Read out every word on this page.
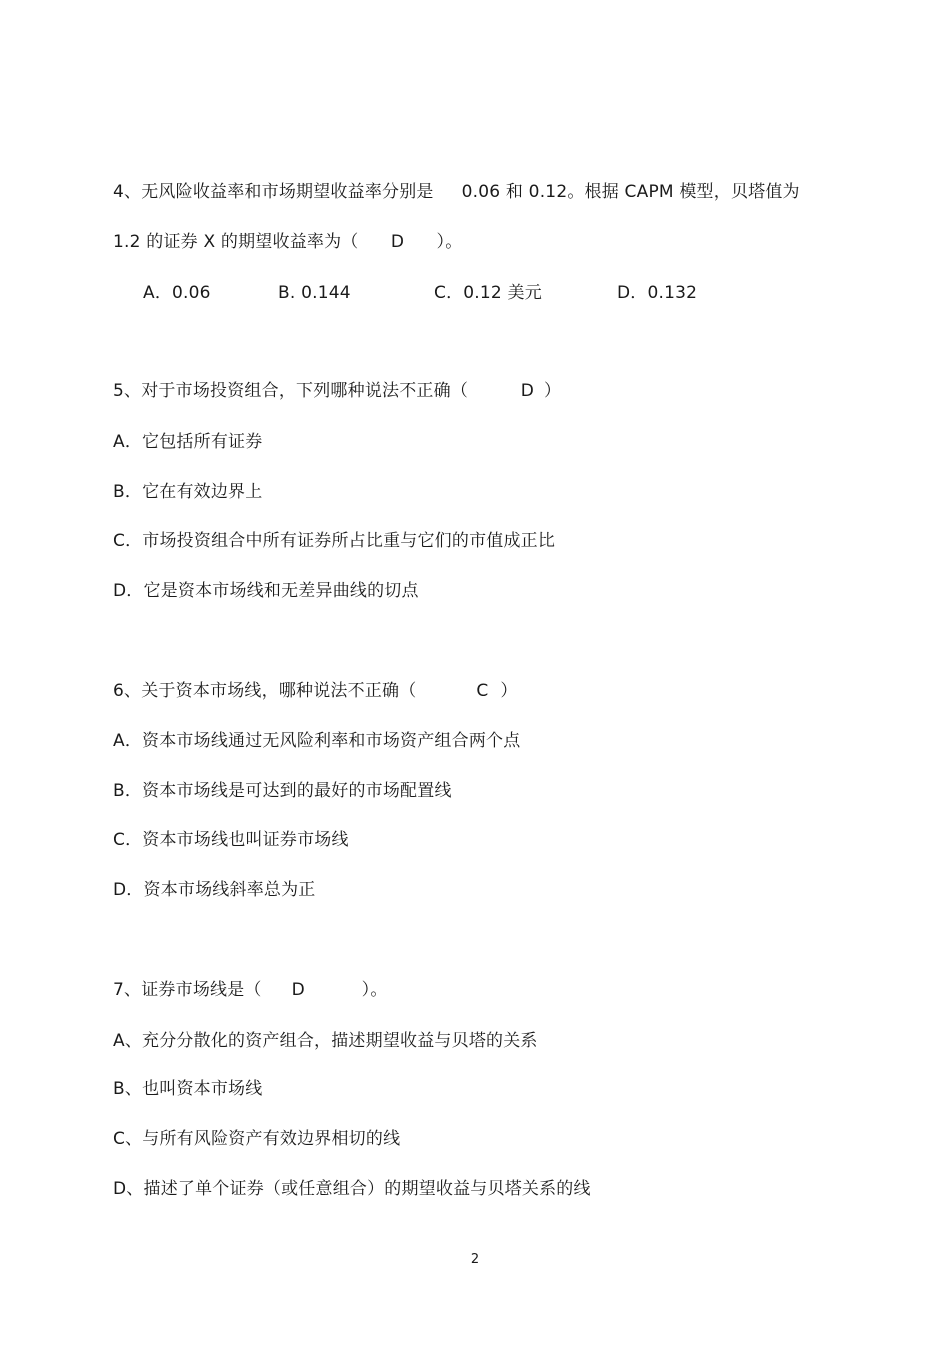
4、无风险收益率和市场期望收益率分别是 0.06 和 0.12。根据 CAPM 模型，贝塔值为
1.2 的证券 X 的期望收益率为（ D ）。
A．0.06	B. 0.144	C．0.12 美元	D．0.132
5、对于市场投资组合，下列哪种说法不正确（	D ）
A．它包括所有证券
B．它在有效边界上
C．市场投资组合中所有证券所占比重与它们的市值成正比
D．它是资本市场线和无差异曲线的切点
6、关于资本市场线，哪种说法不正确（	C ）
A．资本市场线通过无风险利率和市场资产组合两个点
B．资本市场线是可达到的最好的市场配置线
C．资本市场线也叫证券市场线
D．资本市场线斜率总为正
7、证券市场线是（ D	）。
A、充分分散化的资产组合，描述期望收益与贝塔的关系
B、也叫资本市场线
C、与所有风险资产有效边界相切的线
D、描述了单个证券（或任意组合）的期望收益与贝塔关系的线
2
